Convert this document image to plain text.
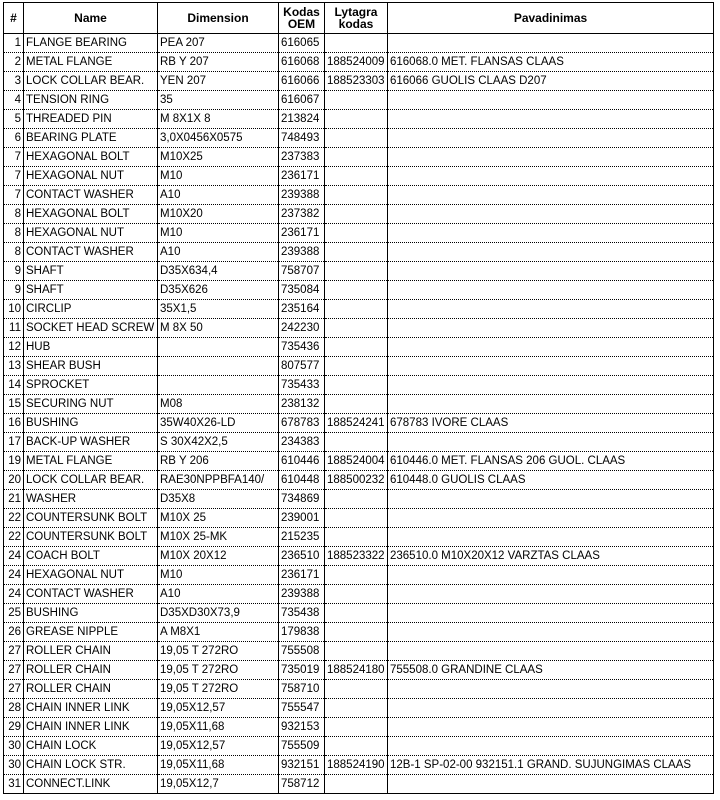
#	Name	Dimension	Kodas OEM	Lytagra kodas	Pavadinimas
1	FLANGE BEARING	PEA 207	616065		
2	METAL FLANGE	RB Y 207	616068	188524009	616068.0 MET. FLANSAS CLAAS
3	LOCK COLLAR BEAR.	YEN 207	616066	188523303	616066 GUOLIS CLAAS D207
4	TENSION RING	35	616067		
5	THREADED PIN	M 8X1X 8	213824		
6	BEARING PLATE	3,0X0456X0575	748493		
7	HEXAGONAL BOLT	M10X25	237383		
7	HEXAGONAL NUT	M10	236171		
7	CONTACT WASHER	A10	239388		
8	HEXAGONAL BOLT	M10X20	237382		
8	HEXAGONAL NUT	M10	236171		
8	CONTACT WASHER	A10	239388		
9	SHAFT	D35X634,4	758707		
9	SHAFT	D35X626	735084		
10	CIRCLIP	35X1,5	235164		
11	SOCKET HEAD SCREW	M 8X 50	242230		
12	HUB		735436		
13	SHEAR BUSH		807577		
14	SPROCKET		735433		
15	SECURING NUT	M08	238132		
16	BUSHING	35W40X26-LD	678783	188524241	678783 IVORE CLAAS
17	BACK-UP WASHER	S 30X42X2,5	234383		
19	METAL FLANGE	RB Y 206	610446	188524004	610446.0 MET. FLANSAS 206 GUOL. CLAAS
20	LOCK COLLAR BEAR.	RAE30NPPBFA140/	610448	188500232	610448.0 GUOLIS CLAAS
21	WASHER	D35X8	734869		
22	COUNTERSUNK BOLT	M10X 25	239001		
22	COUNTERSUNK BOLT	M10X 25-MK	215235		
24	COACH BOLT	M10X 20X12	236510	188523322	236510.0 M10X20X12 VARZTAS CLAAS
24	HEXAGONAL NUT	M10	236171		
24	CONTACT WASHER	A10	239388		
25	BUSHING	D35XD30X73,9	735438		
26	GREASE NIPPLE	A M8X1	179838		
27	ROLLER CHAIN	19,05 T 272RO	755508		
27	ROLLER CHAIN	19,05 T 272RO	735019	188524180	755508.0 GRANDINE CLAAS
27	ROLLER CHAIN	19,05 T 272RO	758710		
28	CHAIN INNER LINK	19,05X12,57	755547		
29	CHAIN INNER LINK	19,05X11,68	932153		
30	CHAIN LOCK	19,05X12,57	755509		
30	CHAIN LOCK STR.	19,05X11,68	932151	188524190	12B-1 SP-02-00 932151.1 GRAND. SUJUNGIMAS CLAAS
31	CONNECT.LINK	19,05X12,7	758712		
